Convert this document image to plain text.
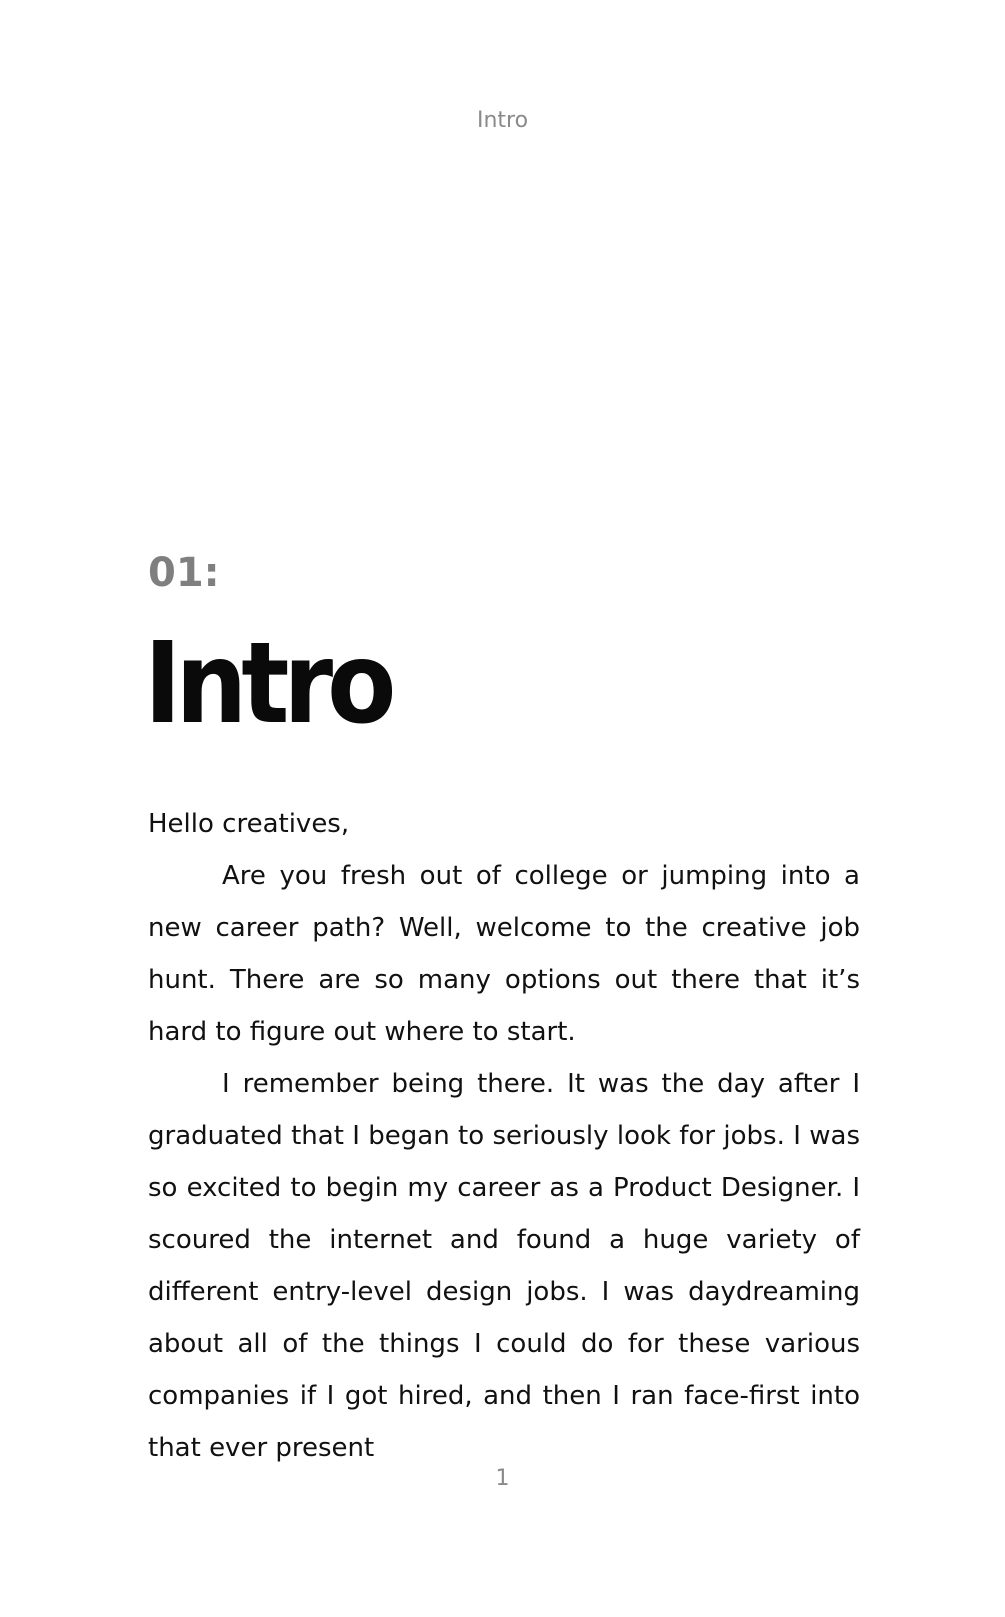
Intro
01:
Intro

Hello creatives,

Are you fresh out of college or jumping into a new career path? Well, welcome to the creative job hunt. There are so many options out there that it’s hard to figure out where to start.

I remember being there. It was the day after I graduated that I began to seriously look for jobs. I was so excited to begin my career as a Product Designer. I scoured the internet and found a huge variety of different entry-level design jobs. I was daydreaming about all of the things I could do for these various companies if I got hired, and then I ran face-first into that ever present

1
